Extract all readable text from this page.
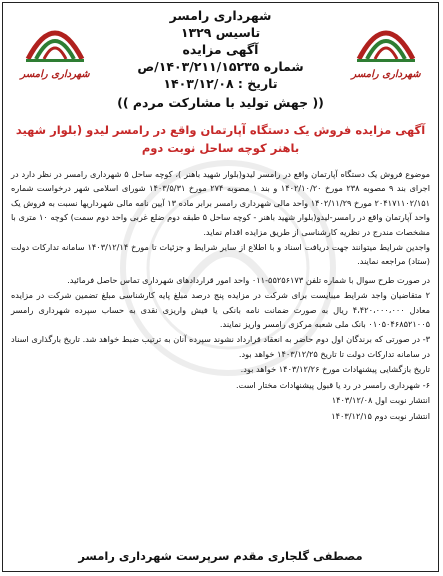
شهرداری رامسر
شهرداری رامسر
تاسیس ۱۳۲۹
آگهی مزایده
شماره ۱۴۰۳/۲۱۱/۱۵۲۳۵/ص
تاریخ : ۱۴۰۳/۱۲/۰۸
شهرداری رامسر
(( جهش تولید با مشارکت مردم ))
آگهی مزایده فروش یک دستگاه آپارتمان واقع در رامسر لیدو (بلوار شهید باهنر کوچه ساحل نوبت دوم

موضوع فروش یک دستگاه آپارتمان واقع در رامسر لیدو(بلوار شهید باهنر )، کوچه ساحل ۵ شهرداری رامسر در نظر دارد در اجرای بند ۹ مصوبه ۲۳۸ مورخ ۱۴۰۲/۱۰/۲۰ و بند ۱ مصوبه ۲۷۴ مورخ ۱۴۰۳/۵/۳۱ شورای اسلامی شهر درخواست شماره ۲۰۴۱۷۱۱۰۲/۱۵۱ مورخ ۱۴۰۲/۱۱/۲۹ واحد مالی شهرداری رامسر برابر ماده ۱۳ آیین نامه مالی شهرداریها نسبت به فروش یک واحد آپارتمان واقع در رامسر-لیدو(بلوار شهید باهنر - کوچه ساحل ۵ طبقه دوم ضلع غربی واحد دوم سمت) کوچه ۱۰ متری با مشخصات مندرج در نظریه کارشناسی از طریق مزایده اقدام نماید.

واجدین شرایط میتوانند جهت دریافت اسناد و با اطلاع از سایر شرایط و جزئیات تا مورخ ۱۴۰۳/۱۲/۱۴ سامانه تدارکات دولت (ستاد) مراجعه نمایند.

در صورت طرح سوال با شماره تلفن ۵۵۲۵۶۱۷۳-۰۱۱ واحد امور قراردادهای شهرداری تماس حاصل فرمائید.

۲ متقاضیان واجد شرایط میبایست برای شرکت در مزایده پنج درصد مبلغ پایه کارشناسی مبلغ تضمین شرکت در مزایده معادل ۴،۴۲۰،۰۰۰،۰۰۰ ریال به صورت ضمانت نامه بانکی یا فیش واریزی نقدی به حساب سپرده شهرداری رامسر ۰۱۰۵۰۴۶۸۵۲۱۰۰۵ بانک ملی شعبه مرکزی رامسر واریز نمایند.

۳- در صورتی که برندگان اول دوم حاضر به انعقاد قرارداد نشوند سپرده آنان به ترتیب ضبط خواهد شد. تاریخ بارگذاری اسناد در سامانه تدارکات دولت تا تاریخ ۱۴۰۳/۱۲/۲۵ خواهد بود.

تاریخ بازگشایی پیشنهادات مورخ ۱۴۰۳/۱۲/۲۶ خواهد بود.

۶- شهرداری رامسر در رد یا قبول پیشنهادات مختار است.

انتشار نوبت اول ۱۴۰۳/۱۲/۰۸

انتشار نوبت دوم ۱۴۰۳/۱۲/۱۵

مصطفی گلجاری مقدم سرپرست شهرداری رامسر
